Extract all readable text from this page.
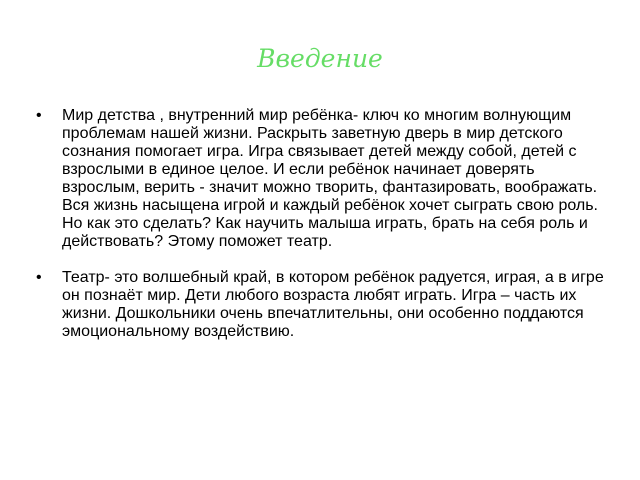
Введение
•	Мир детства , внутренний мир ребёнка- ключ ко многим волнующим проблемам нашей жизни. Раскрыть заветную дверь в мир детского сознания помогает игра. Игра связывает детей между собой, детей с взрослыми в единое целое. И если ребёнок начинает доверять взрослым, верить - значит можно творить, фантазировать, воображать. Вся жизнь насыщена игрой и каждый ребёнок хочет сыграть свою роль. Но как это сделать? Как научить малыша играть, брать на себя роль и действовать? Этому поможет театр.
•	Театр- это волшебный край, в котором ребёнок радуется, играя, а в игре он познаёт мир. Дети любого возраста любят играть. Игра – часть их жизни. Дошкольники очень впечатлительны, они особенно поддаются эмоциональному воздействию.
